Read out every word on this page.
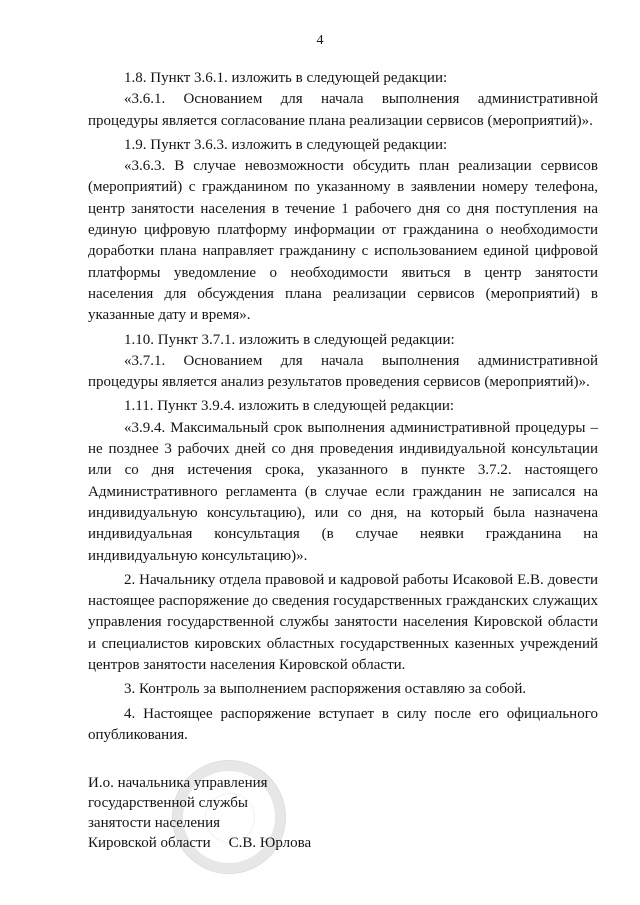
4

1.8. Пункт 3.6.1. изложить в следующей редакции:

«3.6.1. Основанием для начала выполнения административной процедуры является согласование плана реализации сервисов (мероприятий)».

1.9. Пункт 3.6.3. изложить в следующей редакции:

«3.6.3. В случае невозможности обсудить план реализации сервисов (мероприятий) с гражданином по указанному в заявлении номеру телефона, центр занятости населения в течение 1 рабочего дня со дня поступления на единую цифровую платформу информации от гражданина о необходимости доработки плана направляет гражданину с использованием единой цифровой платформы уведомление о необходимости явиться в центр занятости населения для обсуждения плана реализации сервисов (мероприятий) в указанные дату и время».

1.10. Пункт 3.7.1. изложить в следующей редакции:

«3.7.1. Основанием для начала выполнения административной процедуры является анализ результатов проведения сервисов (мероприятий)».

1.11. Пункт 3.9.4. изложить в следующей редакции:

«3.9.4. Максимальный срок выполнения административной процедуры – не позднее 3 рабочих дней со дня проведения индивидуальной консультации или со дня истечения срока, указанного в пункте 3.7.2. настоящего Административного регламента (в случае если гражданин не записался на индивидуальную консультацию), или со дня, на который была назначена индивидуальная консультация (в случае неявки гражданина на индивидуальную консультацию)».

2. Начальнику отдела правовой и кадровой работы Исаковой Е.В. довести настоящее распоряжение до сведения государственных гражданских служащих управления государственной службы занятости населения Кировской области и специалистов кировских областных государственных казенных учреждений центров занятости населения Кировской области.

3. Контроль за выполнением распоряжения оставляю за собой.

4. Настоящее распоряжение вступает в силу после его официального опубликования.

И.о. начальника управления
государственной службы
занятости населения
Кировской области С.В. Юрлова
